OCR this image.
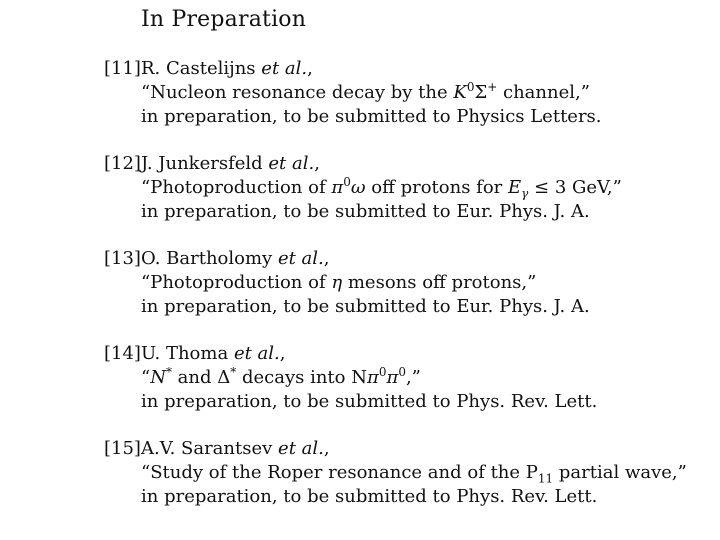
In Preparation
[11] R. Castelijns et al.,
“Nucleon resonance decay by the $K^0\Sigma^+$ channel,”
in preparation, to be submitted to Physics Letters.
[12] J. Junkersfeld et al.,
“Photoproduction of $\pi^0\omega$ off protons for $E_\gamma \le 3$ GeV,”
in preparation, to be submitted to Eur. Phys. J. A.
[13] O. Bartholomy et al.,
“Photoproduction of η mesons off protons,”
in preparation, to be submitted to Eur. Phys. J. A.
[14] U. Thoma et al.,
“N* and Δ* decays into $N\pi^0\pi^0$,”
in preparation, to be submitted to Phys. Rev. Lett.
[15] A.V. Sarantsev et al.,
“Study of the Roper resonance and of the $P_{11}$ partial wave,”
in preparation, to be submitted to Phys. Rev. Lett.
